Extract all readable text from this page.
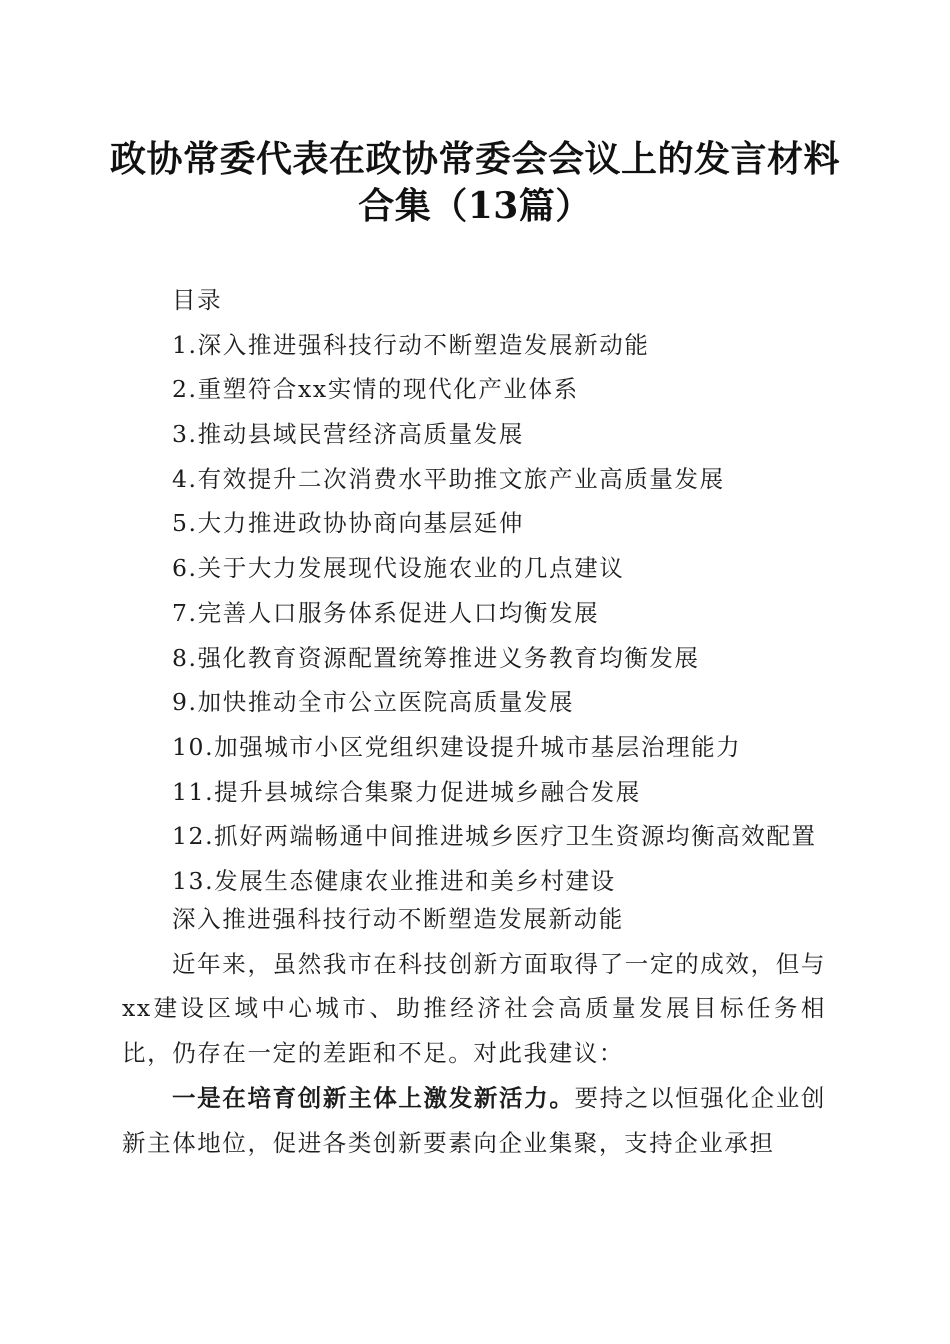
政协常委代表在政协常委会会议上的发言材料
合集（13篇）
目录
1.深入推进强科技行动不断塑造发展新动能
2.重塑符合xx实情的现代化产业体系
3.推动县域民营经济高质量发展
4.有效提升二次消费水平助推文旅产业高质量发展
5.大力推进政协协商向基层延伸
6.关于大力发展现代设施农业的几点建议
7.完善人口服务体系促进人口均衡发展
8.强化教育资源配置统筹推进义务教育均衡发展
9.加快推动全市公立医院高质量发展
10.加强城市小区党组织建设提升城市基层治理能力
11.提升县城综合集聚力促进城乡融合发展
12.抓好两端畅通中间推进城乡医疗卫生资源均衡高效配置
13.发展生态健康农业推进和美乡村建设
深入推进强科技行动不断塑造发展新动能

近年来，虽然我市在科技创新方面取得了一定的成效，但与xx建设区域中心城市、助推经济社会高质量发展目标任务相比，仍存在一定的差距和不足。对此我建议：

一是在培育创新主体上激发新活力。要持之以恒强化企业创新主体地位，促进各类创新要素向企业集聚，支持企业承担
